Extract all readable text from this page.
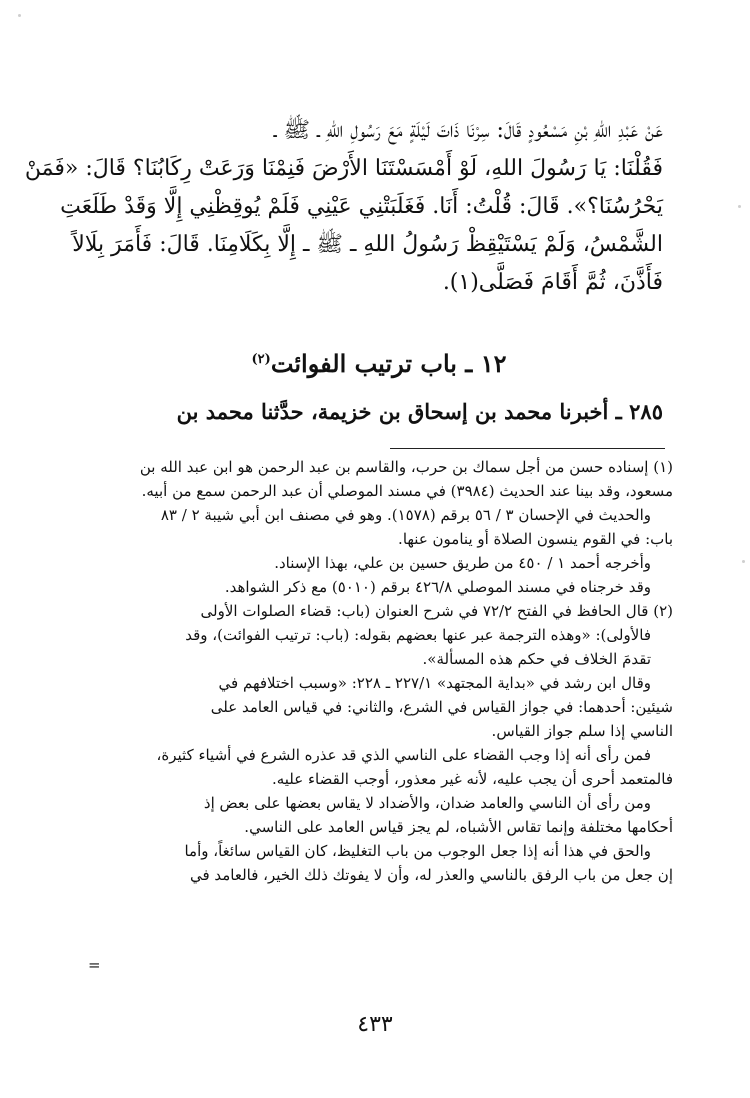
عَنْ عَبْدِ اللهِ بْنِ مَسْعُودٍ قَالَ: سِرْنَا ذَاتَ لَيْلَةٍ مَعَ رَسُولِ اللهِ ـ ﷺ ـ
فَقُلْنَا: يَا رَسُولَ اللهِ، لَوْ أَمْسَسْتَنَا الأَرْضَ فَنِمْنَا وَرَعَتْ رِكَابُنَا؟ قَالَ: «فَمَنْ
يَحْرُسُنَا؟». قَالَ: قُلْتُ: أَنَا. فَغَلَبَتْنِي عَيْنِي فَلَمْ يُوقِظْنِي إِلَّا وَقَدْ طَلَعَتِ
الشَّمْسُ، وَلَمْ يَسْتَيْقِظْ رَسُولُ اللهِ ـ ﷺ ـ إِلَّا بِكَلَامِنَا. قَالَ: فَأَمَرَ بِلَالاً
فَأَذَّنَ، ثُمَّ أَقَامَ فَصَلَّى(١).
١٢ ـ باب ترتيب الفوائت$^{(٢)}$
٢٨٥ ـ أخبرنا محمد بن إسحاق بن خزيمة، حدَّثنا محمد بن
(١) إسناده حسن من أجل سماك بن حرب، والقاسم بن عبد الرحمن هو ابن عبد الله بن
مسعود، وقد بينا عند الحديث (٣٩٨٤) في مسند الموصلي أن عبد الرحمن سمع من أبيه.
والحديث في الإحسان ٣ / ٥٦ برقم (١٥٧٨). وهو في مصنف ابن أبي شيبة ٢ / ٨٣
باب: في القوم ينسون الصلاة أو ينامون عنها.
وأخرجه أحمد ١ / ٤٥٠ من طريق حسين بن علي، بهذا الإسناد.
وقد خرجناه في مسند الموصلي ٤٢٦/٨ برقم (٥٠١٠) مع ذكر الشواهد.
(٢) قال الحافظ في الفتح ٧٢/٢ في شرح العنوان (باب: قضاء الصلوات الأولى
فالأولى): «وهذه الترجمة عبر عنها بعضهم بقوله: (باب: ترتيب الفوائت)، وقد
تقدمَ الخلاف في حكم هذه المسألة».
وقال ابن رشد في «بداية المجتهد» ٢٢٧/١ ـ ٢٢٨: «وسبب اختلافهم في
شيئين: أحدهما: في جواز القياس في الشرع، والثاني: في قياس العامد على
الناسي إذا سلم جواز القياس.
فمن رأى أنه إذا وجب القضاء على الناسي الذي قد عذره الشرع في أشياء كثيرة،
فالمتعمد أحرى أن يجب عليه، لأنه غير معذور، أوجب القضاء عليه.
ومن رأى أن الناسي والعامد ضدان، والأضداد لا يقاس بعضها على بعض إذ
أحكامها مختلفة وإنما تقاس الأشباه، لم يجز قياس العامد على الناسي.
والحق في هذا أنه إذا جعل الوجوب من باب التغليظ، كان القياس سائغاً، وأما
إن جعل من باب الرفق بالناسي والعذر له، وأن لا يفوتك ذلك الخير، فالعامد في
=
٤٣٣
